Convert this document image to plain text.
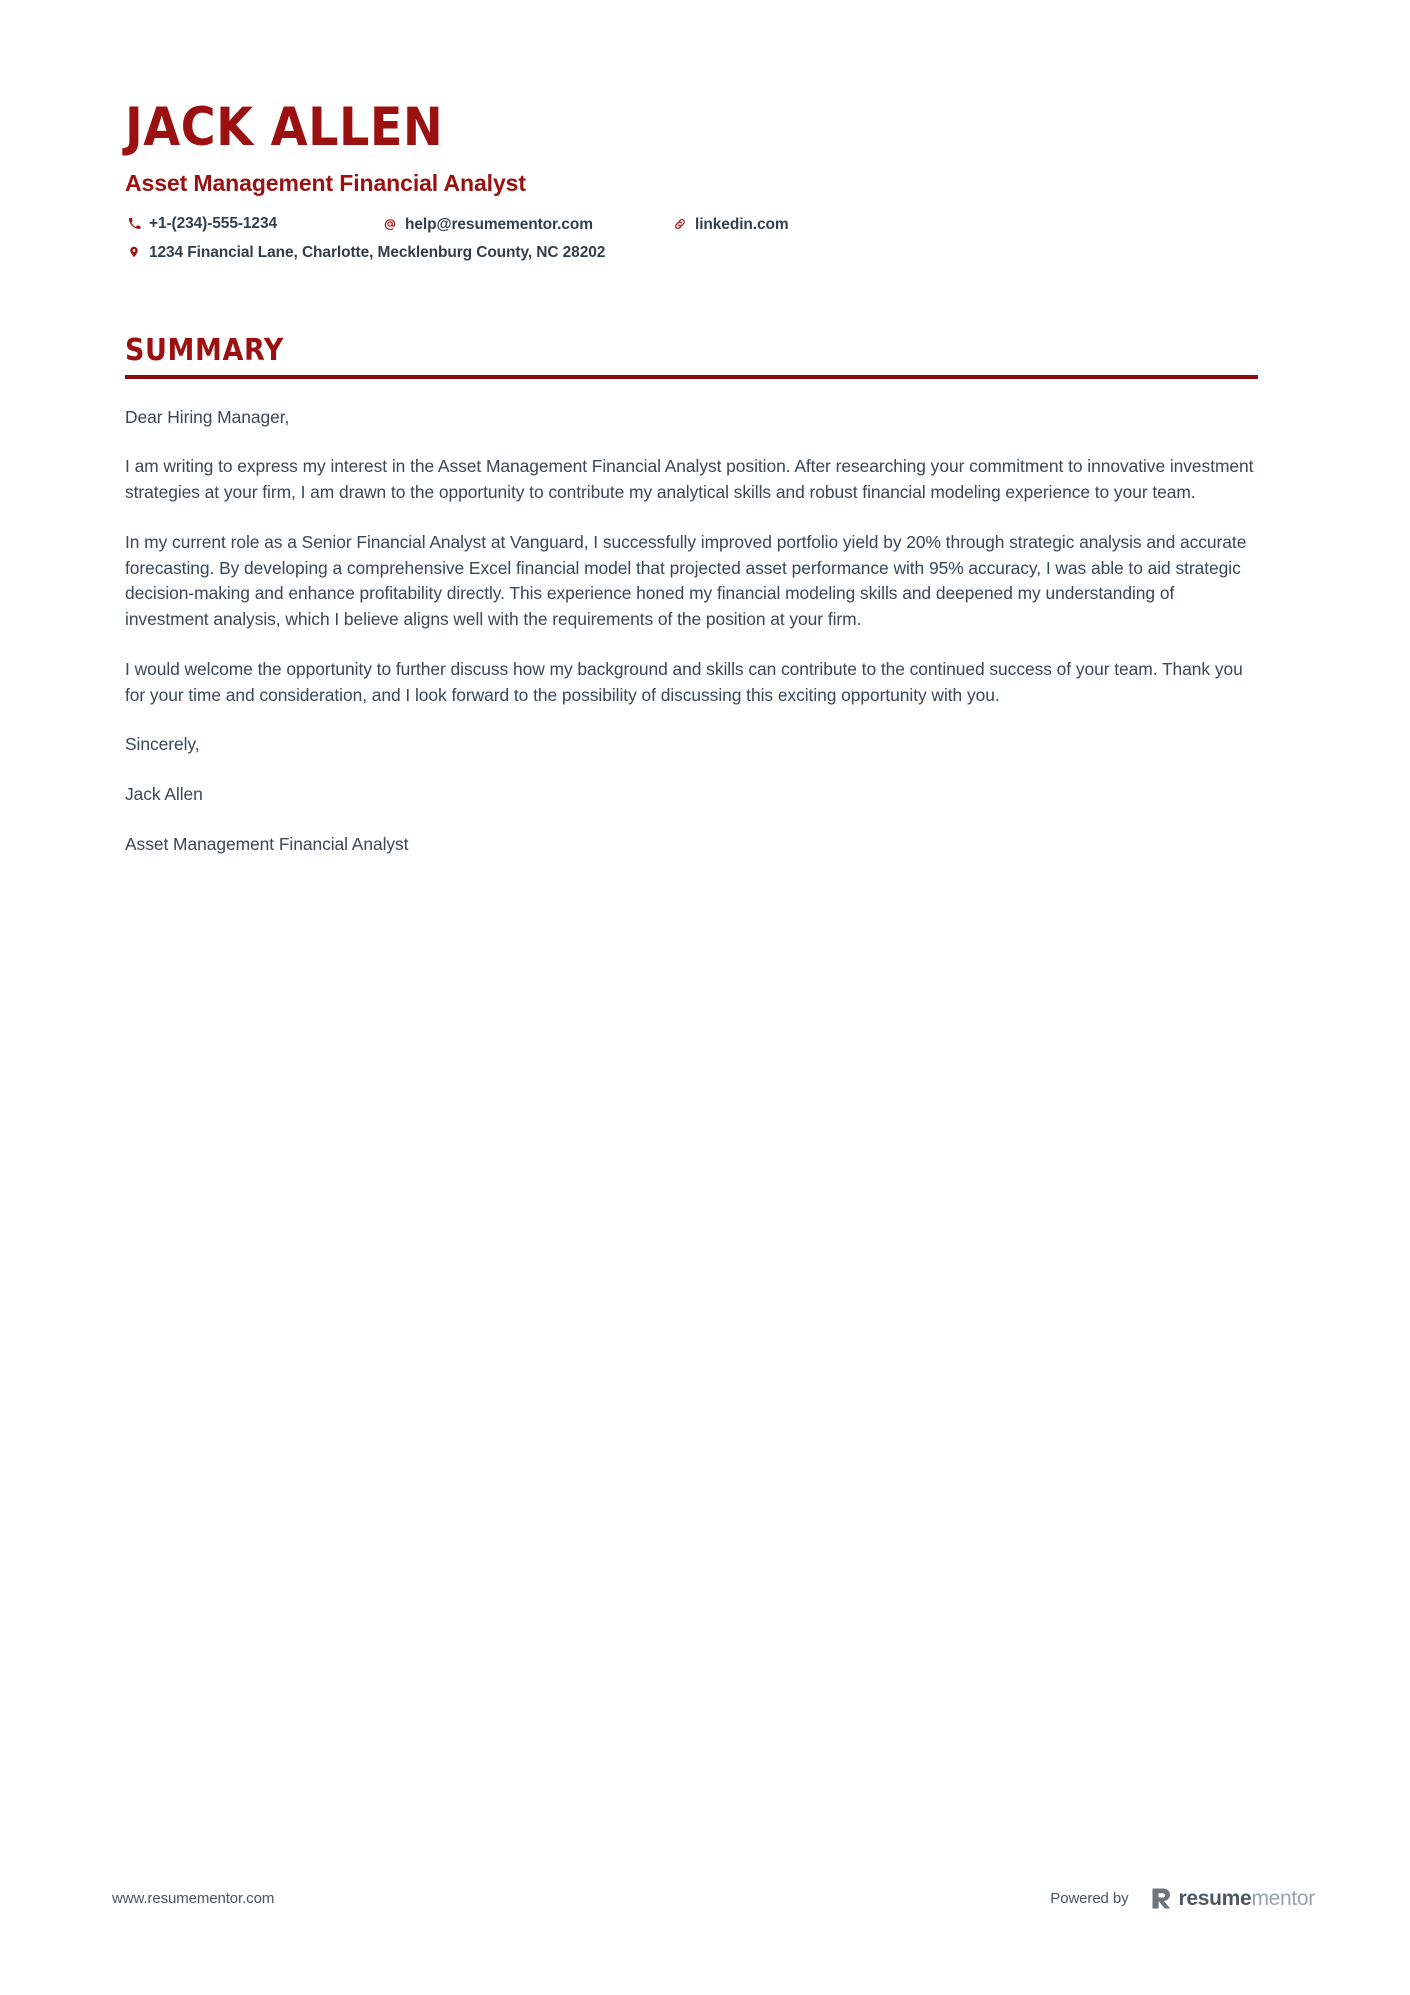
JACK ALLEN
Asset Management Financial Analyst
+1-(234)-555-1234	help@resumementor.com	linkedin.com
1234 Financial Lane, Charlotte, Mecklenburg County, NC 28202
SUMMARY

Dear Hiring Manager,

I am writing to express my interest in the Asset Management Financial Analyst position. After researching your commitment to innovative investment strategies at your firm, I am drawn to the opportunity to contribute my analytical skills and robust financial modeling experience to your team.

In my current role as a Senior Financial Analyst at Vanguard, I successfully improved portfolio yield by 20% through strategic analysis and accurate forecasting. By developing a comprehensive Excel financial model that projected asset performance with 95% accuracy, I was able to aid strategic decision-making and enhance profitability directly. This experience honed my financial modeling skills and deepened my understanding of investment analysis, which I believe aligns well with the requirements of the position at your firm.

I would welcome the opportunity to further discuss how my background and skills can contribute to the continued success of your team. Thank you for your time and consideration, and I look forward to the possibility of discussing this exciting opportunity with you.

Sincerely,

Jack Allen

Asset Management Financial Analyst

www.resumementor.com	Powered by resumementor
